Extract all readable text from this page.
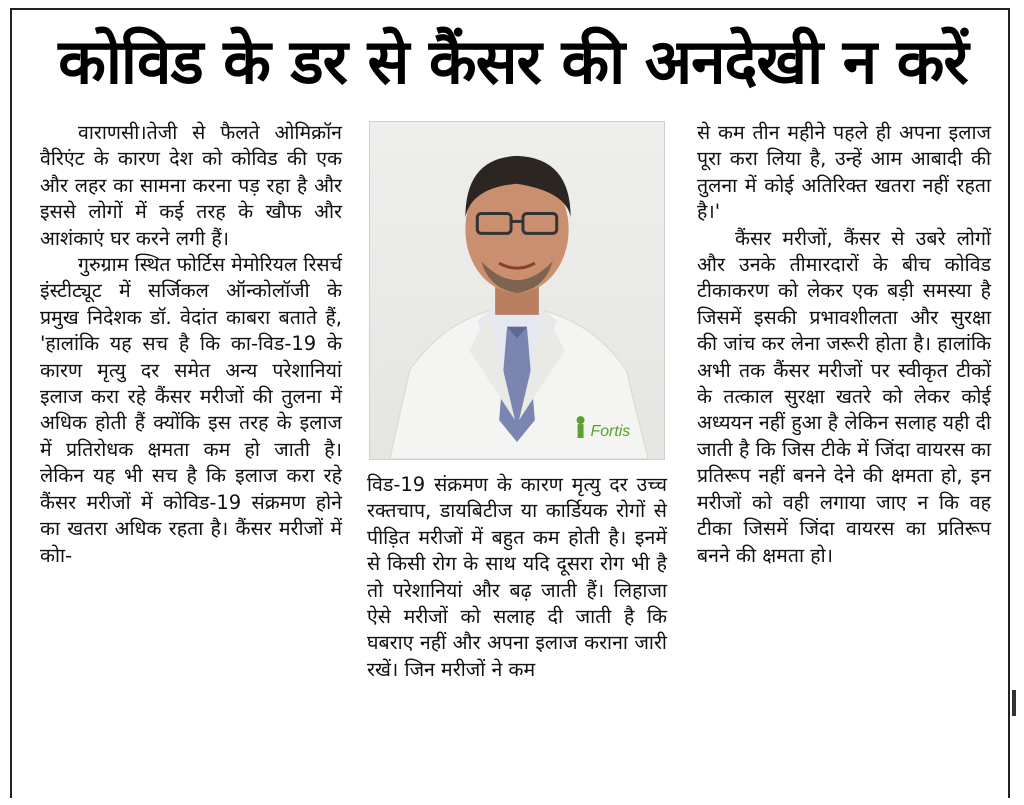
कोविड के डर से कैंसर की अनदेखी न करें

वाराणसी।तेजी से फैलते ओमिक्रॉन वैरिएंट के कारण देश को कोविड की एक और लहर का सामना करना पड़ रहा है और इससे लोगों में कई तरह के खौफ और आशंकाएं घर करने लगी हैं।

गुरुग्राम स्थित फोर्टिस मेमोरियल रिसर्च इंस्टीट्यूट में सर्जिकल ऑन्कोलॉजी के प्रमुख निदेशक डॉ. वेदांत काबरा बताते हैं, 'हालांकि यह सच है कि का-विड-19 के कारण मृत्यु दर समेत अन्य परेशानियां इलाज करा रहे कैंसर मरीजों की तुलना में अधिक होती हैं क्योंकि इस तरह के इलाज में प्रतिरोधक क्षमता कम हो जाती है। लेकिन यह भी सच है कि इलाज करा रहे कैंसर मरीजों में कोविड-19 संक्रमण होने का खतरा अधिक रहता है। कैंसर मरीजों में कोा-

Fortis

विड-19 संक्रमण के कारण मृत्यु दर उच्च रक्तचाप, डायबिटीज या कार्डियक रोगों से पीड़ित मरीजों में बहुत कम होती है। इनमें से किसी रोग के साथ यदि दूसरा रोग भी है तो परेशानियां और बढ़ जाती हैं। लिहाजा ऐसे मरीजों को सलाह दी जाती है कि घबराए नहीं और अपना इलाज कराना जारी रखें। जिन मरीजों ने कम

से कम तीन महीने पहले ही अपना इलाज पूरा करा लिया है, उन्हें आम आबादी की तुलना में कोई अतिरिक्त खतरा नहीं रहता है।'

कैंसर मरीजों, कैंसर से उबरे लोगों और उनके तीमारदारों के बीच कोविड टीकाकरण को लेकर एक बड़ी समस्या है जिसमें इसकी प्रभावशीलता और सुरक्षा की जांच कर लेना जरूरी होता है। हालांकि अभी तक कैंसर मरीजों पर स्वीकृत टीकों के तत्काल सुरक्षा खतरे को लेकर कोई अध्ययन नहीं हुआ है लेकिन सलाह यही दी जाती है कि जिस टीके में जिंदा वायरस का प्रतिरूप नहीं बनने देने की क्षमता हो, इन मरीजों को वही लगाया जाए न कि वह टीका जिसमें जिंदा वायरस का प्रतिरूप बनने की क्षमता हो।
